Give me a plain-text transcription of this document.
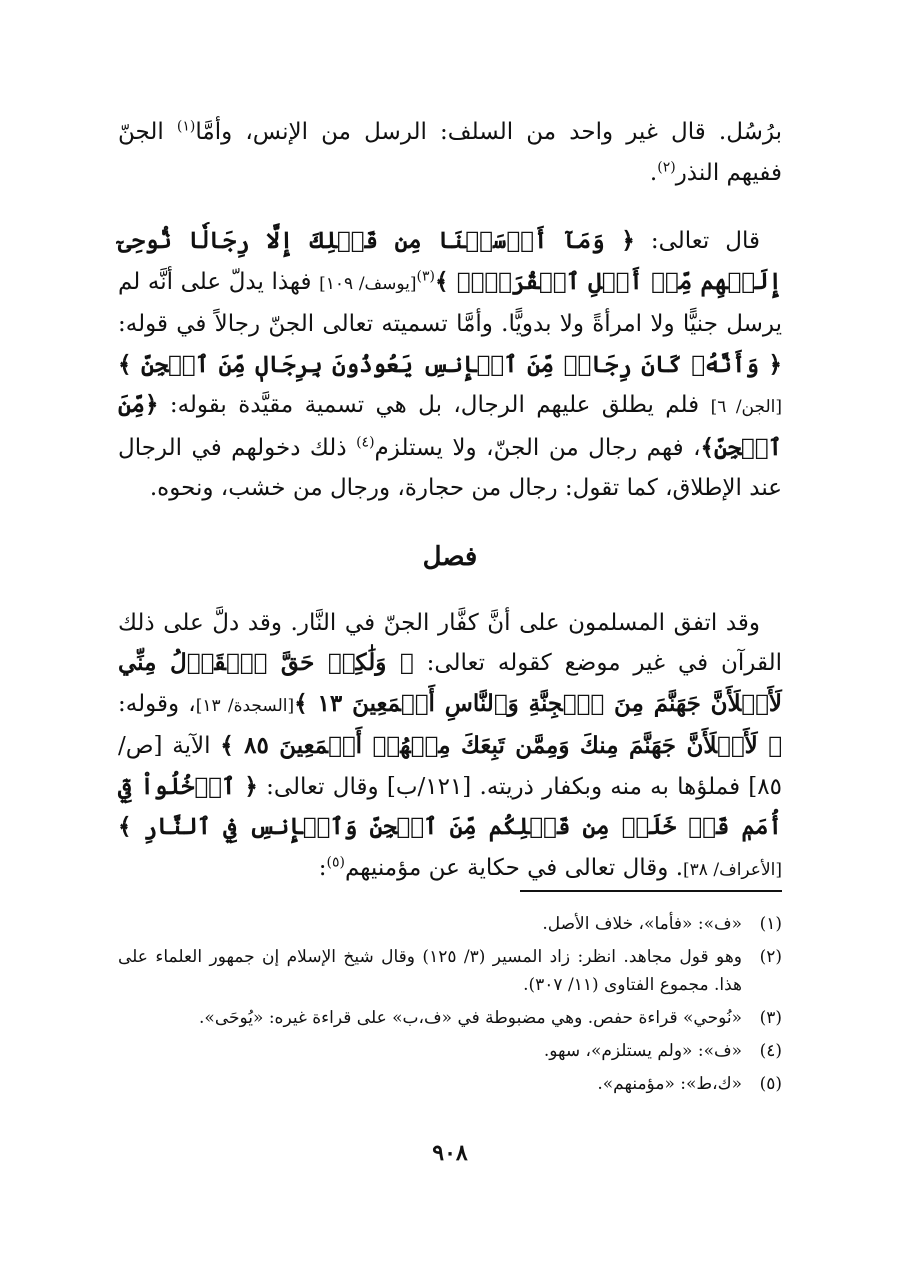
برُسُل. قال غير واحد من السلف: الرسل من الإنس، وأمَّا$^{(١)}$ الجنّ ففيهم النذر$^{(٢)}$.

قال تعالى: ﴿ وَمَآ أَرۡسَلۡنَا مِن قَبۡلِكَ إِلَّا رِجَالٗا نُّوحِىٓ إِلَيۡهِم مِّنۡ أَهۡلِ ٱلۡقُرَىٰٓۗ ﴾$^{(٣)}$[يوسف/ ١٠٩] فهذا يدلّ على أنَّه لم يرسل جنيًّا ولا امرأةً ولا بدويًّا. وأمَّا تسميته تعالى الجنّ رجالاً في قوله: ﴿ وَأَنَّهُۥ كَانَ رِجَالٞ مِّنَ ٱلۡإِنسِ يَعُوذُونَ بِرِجَالٖ مِّنَ ٱلۡجِنِّ ﴾[الجن/ ٦] فلم يطلق عليهم الرجال، بل هي تسمية مقيَّدة بقوله: ﴿مِّنَ ٱلۡجِنِّ﴾، فهم رجال من الجنّ، ولا يستلزم$^{(٤)}$ ذلك دخولهم في الرجال عند الإطلاق، كما تقول: رجال من حجارة، ورجال من خشب، ونحوه.

فصل

وقد اتفق المسلمون على أنَّ كفَّار الجنّ في النَّار. وقد دلَّ على ذلك القرآن في غير موضع كقوله تعالى: ﴿ وَلَٰكِنۡ حَقَّ ٱلۡقَوۡلُ مِنِّي لَأَمۡلَأَنَّ جَهَنَّمَ مِنَ ٱلۡجِنَّةِ وَٱلنَّاسِ أَجۡمَعِينَ ١٣ ﴾[السجدة/ ١٣]، وقوله: ﴿ لَأَمۡلَأَنَّ جَهَنَّمَ مِنكَ وَمِمَّن تَبِعَكَ مِنۡهُمۡ أَجۡمَعِينَ ٨٥ ﴾ الآية [ص/ ٨٥] فملؤها به منه وبكفار ذريته. [١٢١/ب] وقال تعالى: ﴿ ٱدۡخُلُواْ فِيٓ أُمَمٖ قَدۡ خَلَتۡ مِن قَبۡلِكُم مِّنَ ٱلۡجِنِّ وَٱلۡإِنسِ فِي ٱلنَّارِ ﴾[الأعراف/ ٣٨]. وقال تعالى في حكاية عن مؤمنيهم$^{(٥)}$:

(١)
«ف»: «فأما»، خلاف الأصل.
(٢)
وهو قول مجاهد. انظر: زاد المسير (٣/ ١٢٥) وقال شيخ الإسلام إن جمهور العلماء على هذا. مجموع الفتاوى (١١/ ٣٠٧).
(٣)
«نُوحي» قراءة حفص. وهي مضبوطة في «ف،ب» على قراءة غيره: «يُوحَى».
(٤)
«ف»: «ولم يستلزم»، سهو.
(٥)
«ك،ط»: «مؤمنهم».
٩٠٨
